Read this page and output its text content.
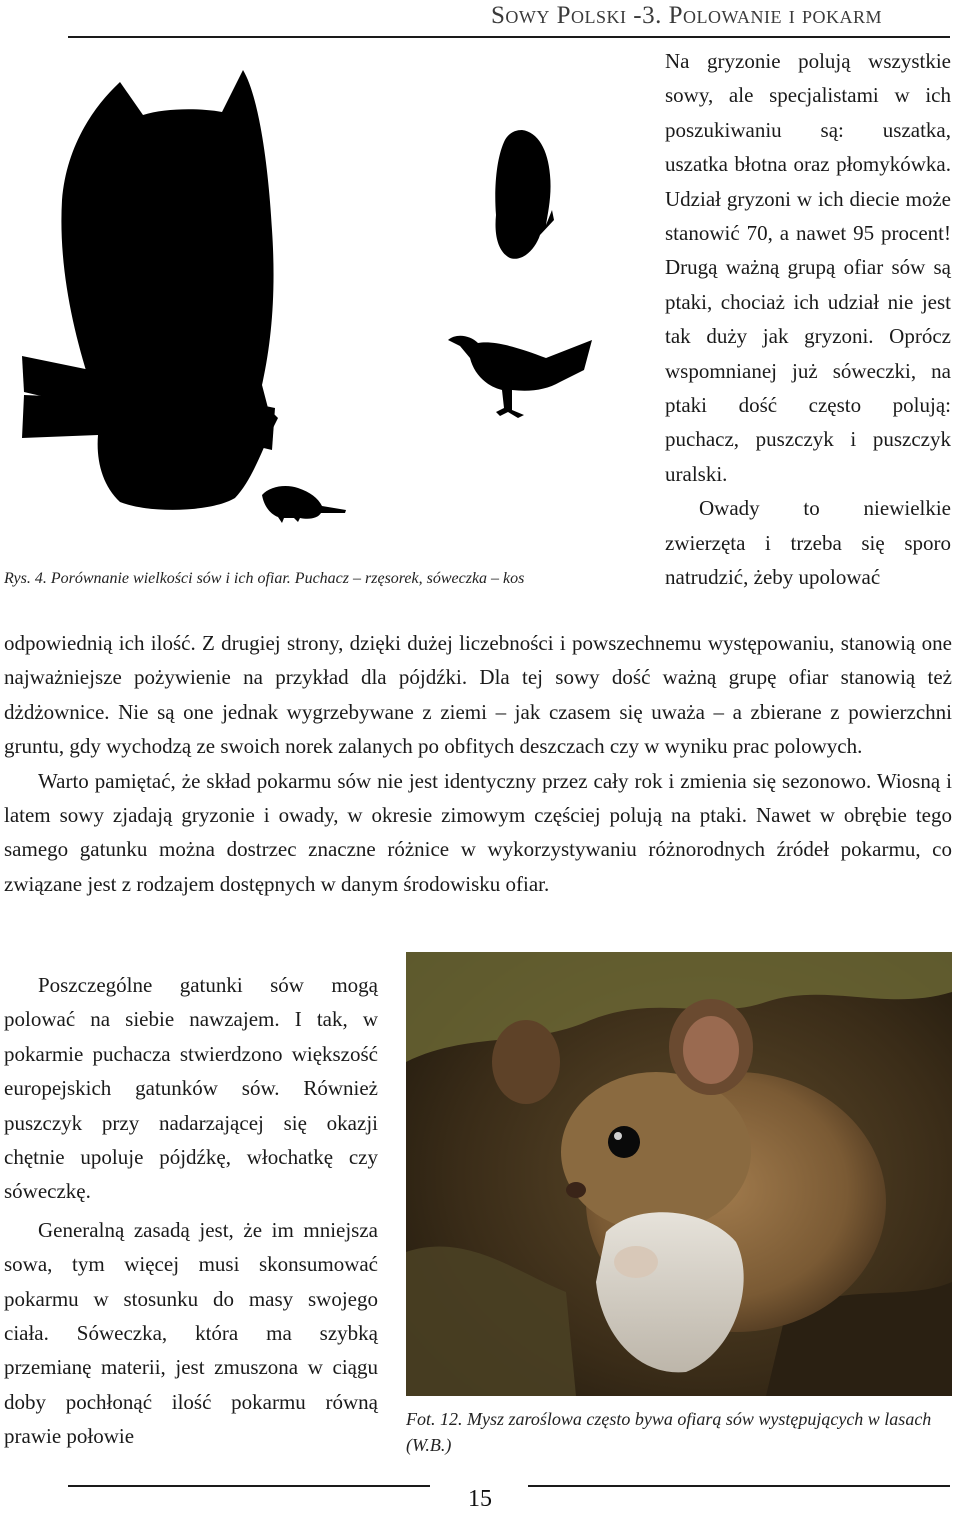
Sowy Polski -3. Polowanie i pokarm
Rys. 4. Porównanie wielkości sów i ich ofiar. Puchacz – rzęsorek, sóweczka – kos

Na gryzonie polują wszystkie sowy, ale specjalistami w ich poszukiwaniu są: uszatka, uszatka błotna oraz płomykówka. Udział gryzoni w ich diecie może stanowić 70, a nawet 95 procent! Drugą ważną grupą ofiar sów są ptaki, chociaż ich udział nie jest tak duży jak gryzoni. Oprócz wspomnianej już sóweczki, na ptaki dość często polują: puchacz, puszczyk i puszczyk uralski.

Owady to niewielkie zwierzęta i trzeba się sporo natrudzić, żeby upolować

odpowiednią ich ilość. Z drugiej strony, dzięki dużej liczebności i powszechnemu występowaniu, stanowią one najważniejsze pożywienie na przykład dla pójdźki. Dla tej sowy dość ważną grupę ofiar stanowią też dżdżownice. Nie są one jednak wygrzebywane z ziemi – jak czasem się uważa – a zbierane z powierzchni gruntu, gdy wychodzą ze swoich norek zalanych po obfitych deszczach czy w wyniku prac polowych.

Warto pamiętać, że skład pokarmu sów nie jest identyczny przez cały rok i zmienia się sezonowo. Wiosną i latem sowy zjadają gryzonie i owady, w okresie zimowym częściej polują na ptaki. Nawet w obrębie tego samego gatunku można dostrzec znaczne różnice w wykorzystywaniu różnorodnych źródeł pokarmu, co związane jest z rodzajem dostępnych w danym środowisku ofiar.

Poszczególne gatunki sów mogą polować na siebie nawzajem. I tak, w pokarmie puchacza stwierdzono większość europejskich gatunków sów. Również puszczyk przy nadarzającej się okazji chętnie upoluje pójdźkę, włochatkę czy sóweczkę.

Generalną zasadą jest, że im mniejsza sowa, tym więcej musi skonsumować pokarmu w stosunku do masy swojego ciała. Sóweczka, która ma szybką przemianę materii, jest zmuszona w ciągu doby pochłonąć ilość pokarmu równą prawie połowie

Fot. 12. Mysz zaroślowa często bywa ofiarą sów występujących w lasach (W.B.)
15
